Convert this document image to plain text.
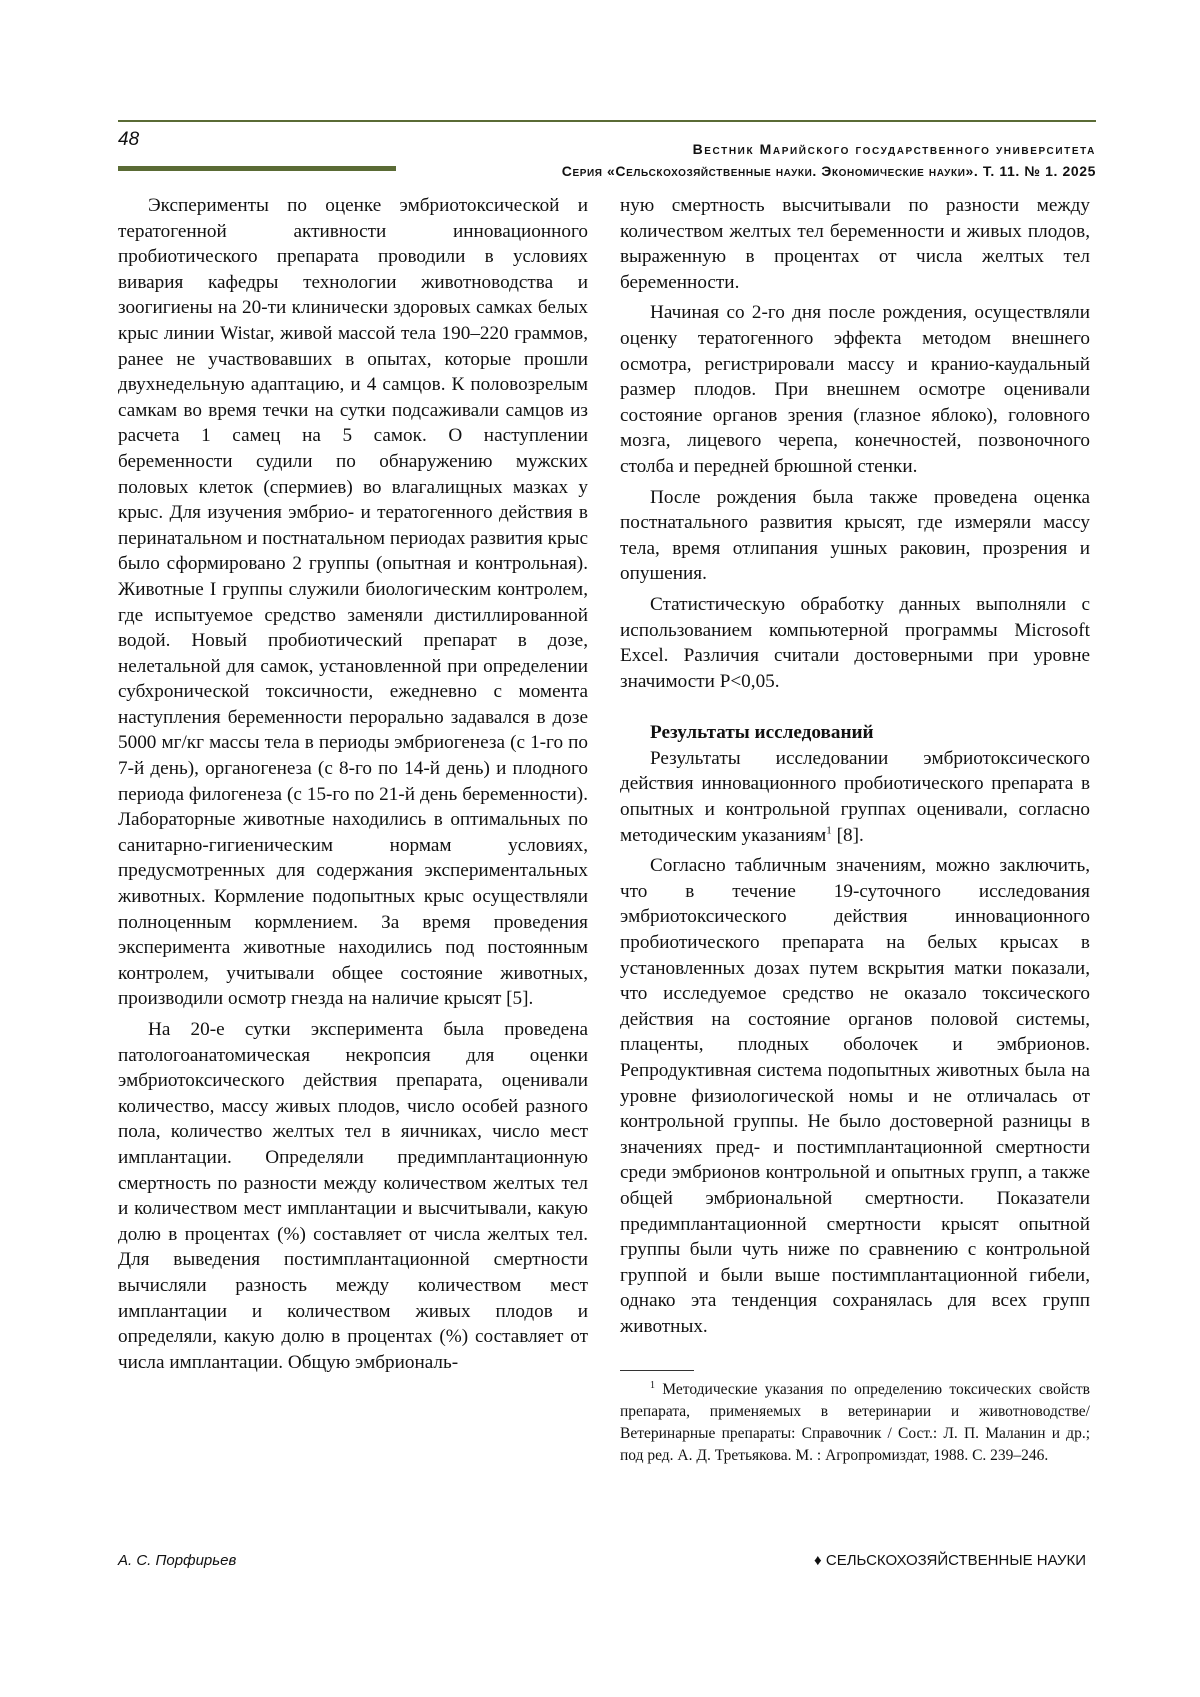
48	Вестник Марийского государственного университета
Серия «Сельскохозяйственные науки. Экономические науки». Т. 11. № 1. 2025

Эксперименты по оценке эмбриотоксической и тератогенной активности инновационного пробиотического препарата проводили в условиях вивария кафедры технологии животноводства и зоогигиены на 20-ти клинически здоровых самках белых крыс линии Wistar, живой массой тела 190–220 граммов, ранее не участвовавших в опытах, которые прошли двухнедельную адаптацию, и 4 самцов. К половозрелым самкам во время течки на сутки подсаживали самцов из расчета 1 самец на 5 самок. О наступлении беременности судили по обнаружению мужских половых клеток (спермиев) во влагалищных мазках у крыс. Для изучения эмбрио- и тератогенного действия в перинатальном и постнатальном периодах развития крыс было сформировано 2 группы (опытная и контрольная). Животные I группы служили биологическим контролем, где испытуемое средство заменяли дистиллированной водой. Новый пробиотический препарат в дозе, нелетальной для самок, установленной при определении субхронической токсичности, ежедневно с момента наступления беременности перорально задавался в дозе 5000 мг/кг массы тела в периоды эмбриогенеза (с 1-го по 7-й день), органогенеза (с 8-го по 14-й день) и плодного периода филогенеза (с 15-го по 21-й день беременности). Лабораторные животные находились в оптимальных по санитарно-гигиеническим нормам условиях, предусмотренных для содержания экспериментальных животных. Кормление подопытных крыс осуществляли полноценным кормлением. За время проведения эксперимента животные находились под постоянным контролем, учитывали общее состояние животных, производили осмотр гнезда на наличие крысят [5].

На 20-е сутки эксперимента была проведена патологоанатомическая некропсия для оценки эмбриотоксического действия препарата, оценивали количество, массу живых плодов, число особей разного пола, количество желтых тел в яичниках, число мест имплантации. Определяли предимплантационную смертность по разности между количеством желтых тел и количеством мест имплантации и высчитывали, какую долю в процентах (%) составляет от числа желтых тел. Для выведения постимплантационной смертности вычисляли разность между количеством мест имплантации и количеством живых плодов и определяли, какую долю в процентах (%) составляет от числа имплантации. Общую эмбриональ-

ную смертность высчитывали по разности между количеством желтых тел беременности и живых плодов, выраженную в процентах от числа желтых тел беременности.

Начиная со 2-го дня после рождения, осуществляли оценку тератогенного эффекта методом внешнего осмотра, регистрировали массу и кранио-каудальный размер плодов. При внешнем осмотре оценивали состояние органов зрения (глазное яблоко), головного мозга, лицевого черепа, конечностей, позвоночного столба и передней брюшной стенки.

После рождения была также проведена оценка постнатального развития крысят, где измеряли массу тела, время отлипания ушных раковин, прозрения и опушения.

Статистическую обработку данных выполняли с использованием компьютерной программы Microsoft Excel. Различия считали достоверными при уровне значимости P<0,05.

Результаты исследований

Результаты исследовании эмбриотоксического действия инновационного пробиотического препарата в опытных и контрольной группах оценивали, согласно методическим указаниям$^1$ [8].

Согласно табличным значениям, можно заключить, что в течение 19-суточного исследования эмбриотоксического действия инновационного пробиотического препарата на белых крысах в установленных дозах путем вскрытия матки показали, что исследуемое средство не оказало токсического действия на состояние органов половой системы, плаценты, плодных оболочек и эмбрионов. Репродуктивная система подопытных животных была на уровне физиологической номы и не отличалась от контрольной группы. Не было достоверной разницы в значениях пред- и постимплантационной смертности среди эмбрионов контрольной и опытных групп, а также общей эмбриональной смертности. Показатели предимплантационной смертности крысят опытной группы были чуть ниже по сравнению с контрольной группой и были выше постимплантационной гибели, однако эта тенденция сохранялась для всех групп животных.

$^1$ Методические указания по определению токсических свойств препарата, применяемых в ветеринарии и животноводстве/ Ветеринарные препараты: Справочник / Сост.: Л. П. Маланин и др.; под ред. А. Д. Третьякова. М. : Агропромиздат, 1988. С. 239–246.

А. С. Порфирьев	♦ СЕЛЬСКОХОЗЯЙСТВЕННЫЕ НАУКИ
